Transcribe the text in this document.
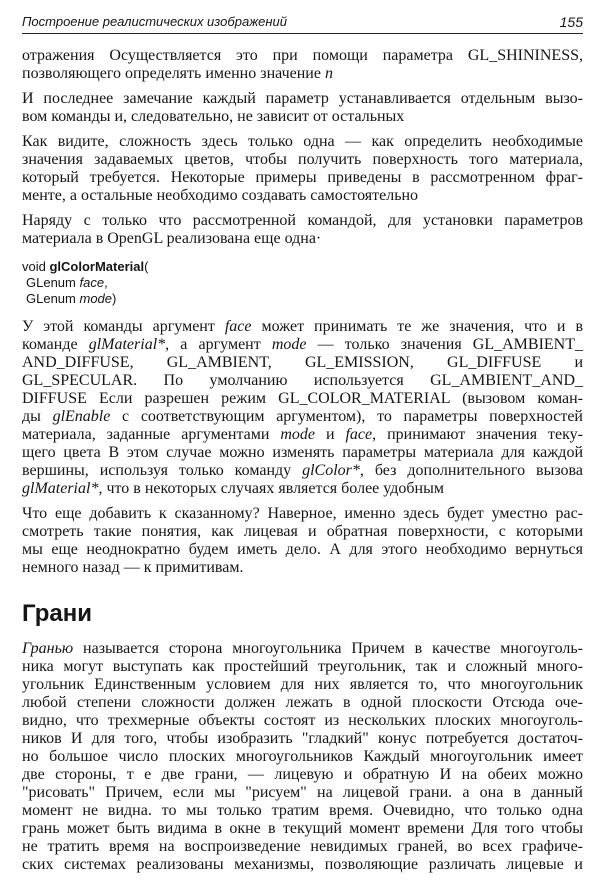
Построение реалистических изображений	155
отражения Осуществляется это при помощи параметра GL_SHININESS,
позволяющего определять именно значение n
И последнее замечание каждый параметр устанавливается отдельным вызо-
вом команды и, следовательно, не зависит от остальных
Как видите, сложность здесь только одна — как определить необходимые
значения задаваемых цветов, чтобы получить поверхность того материала,
который требуется. Некоторые примеры приведены в рассмотренном фраг-
менте, а остальные необходимо создавать самостоятельно
Наряду с только что рассмотренной командой, для установки параметров
материала в OpenGL реализована еще одна·
void glColorMaterial(
GLenum face,
GLenum mode)
У этой команды аргумент face может принимать те же значения, что и в
команде glMaterial*, а аргумент mode — только значения GL_AMBIENT_
AND_DIFFUSE, GL_AMBIENT, GL_EMISSION, GL_DIFFUSE и
GL_SPECULAR. По умолчанию используется GL_AMBIENT_AND_
DIFFUSE Если разрешен режим GL_COLOR_MATERIAL (вызовом коман-
ды glEnable с соответствующим аргументом), то параметры поверхностей
материала, заданные аргументами mode и face, принимают значения теку-
щего цвета В этом случае можно изменять параметры материала для каждой
вершины, используя только команду glColor*, без дополнительного вызова
glMaterial*, что в некоторых случаях является более удобным
Что еще добавить к сказанному? Наверное, именно здесь будет уместно рас-
смотреть такие понятия, как лицевая и обратная поверхности, с которыми
мы еще неоднократно будем иметь дело. А для этого необходимо вернуться
немного назад — к примитивам.
Грани
Гранью называется сторона многоугольника Причем в качестве многоуголь-
ника могут выступать как простейший треугольник, так и сложный много-
угольник Единственным условием для них является то, что многоугольник
любой степени сложности должен лежать в одной плоскости Отсюда оче-
видно, что трехмерные объекты состоят из нескольких плоских многоуголь-
ников И для того, чтобы изобразить "гладкий" конус потребуется достаточ-
но большое число плоских многоугольников Каждый многоугольник имеет
две стороны, т е две грани, — лицевую и обратную И на обеих можно
"рисовать" Причем, если мы "рисуем" на лицевой грани. а она в данный
момент не видна. то мы только тратим время. Очевидно, что только одна
грань может быть видима в окне в текущий момент времени Для того чтобы
не тратить время на воспроизведение невидимых граней, во всех графиче-
ских системах реализованы механизмы, позволяющие различать лицевые и
